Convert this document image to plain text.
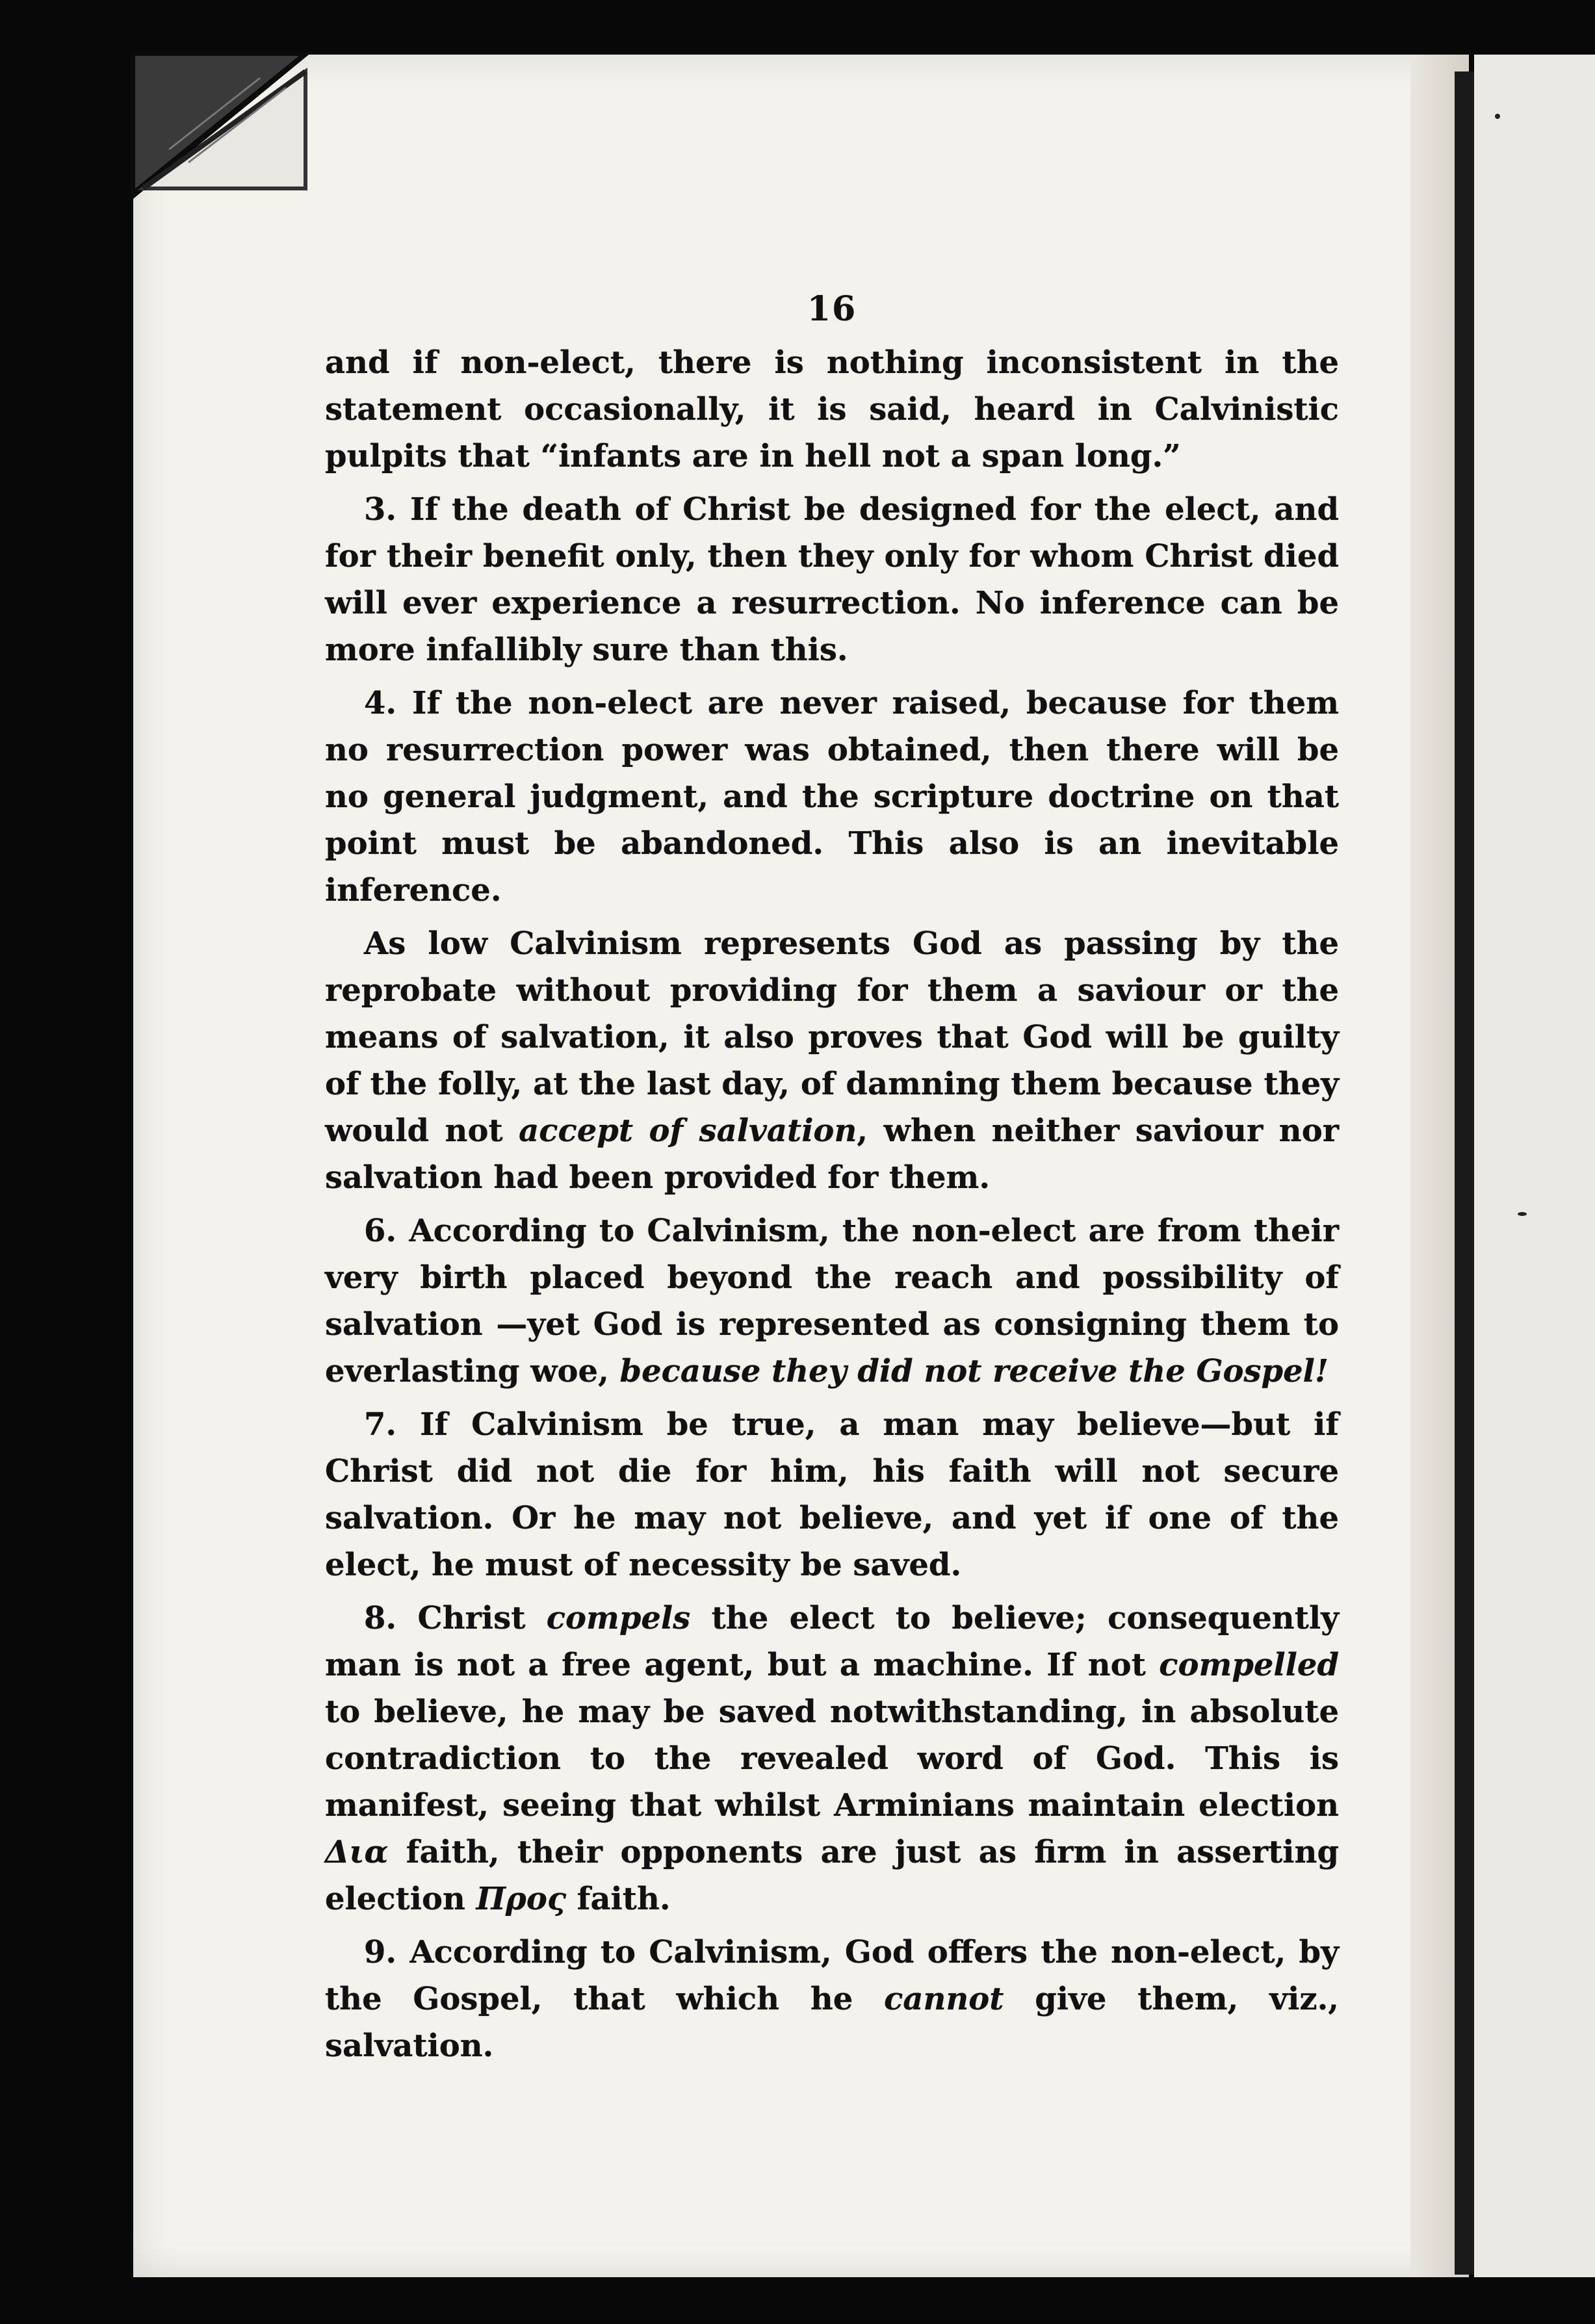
16

and if non-elect, there is nothing inconsistent in the statement occasionally, it is said, heard in Calvinistic pulpits that “infants are in hell not a span long.”

3. If the death of Christ be designed for the elect, and for their benefit only, then they only for whom Christ died will ever experience a resurrection. No inference can be more infallibly sure than this.

4. If the non-elect are never raised, because for them no resurrection power was obtained, then there will be no general judgment, and the scripture doctrine on that point must be abandoned. This also is an inevitable inference.

As low Calvinism represents God as passing by the reprobate without providing for them a saviour or the means of salvation, it also proves that God will be guilty of the folly, at the last day, of damning them because they would not accept of salvation, when neither saviour nor salvation had been provided for them.

6. According to Calvinism, the non-elect are from their very birth placed beyond the reach and possibility of salvation —yet God is represented as consigning them to everlasting woe, because they did not receive the Gospel!

7. If Calvinism be true, a man may believe—but if Christ did not die for him, his faith will not secure salvation. Or he may not believe, and yet if one of the elect, he must of necessity be saved.

8. Christ compels the elect to believe; consequently man is not a free agent, but a machine. If not compelled to believe, he may be saved notwithstanding, in absolute contradiction to the revealed word of God. This is manifest, seeing that whilst Arminians maintain election Δια faith, their opponents are just as firm in asserting election Προς faith.

9. According to Calvinism, God offers the non-elect, by the Gospel, that which he cannot give them, viz., salvation.
